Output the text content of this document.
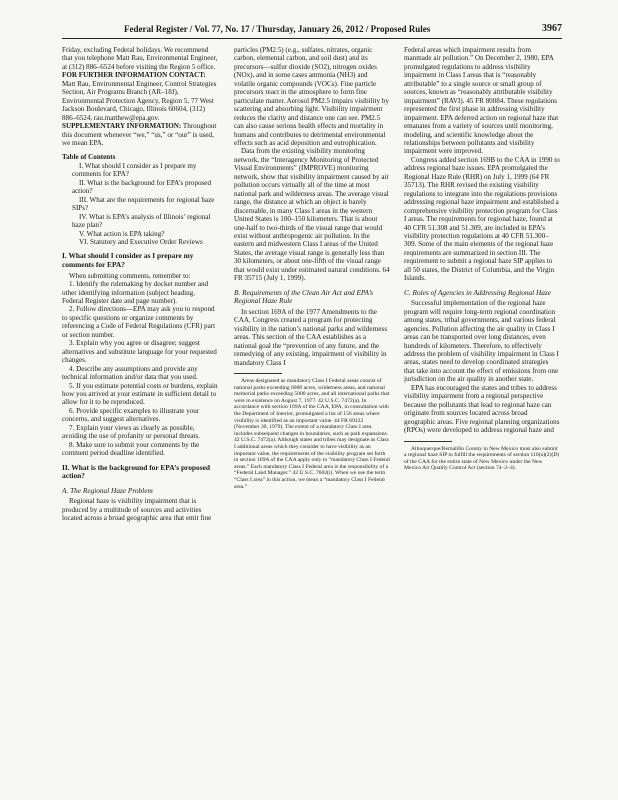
Federal Register / Vol. 77, No. 17 / Thursday, January 26, 2012 / Proposed Rules	3967

Friday, excluding Federal holidays. We recommend that you telephone Matt Rau, Environmental Engineer, at (312) 886–6524 before visiting the Region 5 office.

FOR FURTHER INFORMATION CONTACT: Matt Rau, Environmental Engineer, Control Strategies Section, Air Programs Branch (AR–18J), Environmental Protection Agency, Region 5, 77 West Jackson Boulevard, Chicago, Illinois 60604, (312) 886–6524, rau.matthew@epa.gov.

SUPPLEMENTARY INFORMATION: Throughout this document whenever “we,” “us,” or “our” is used, we mean EPA.

Table of Contents

I. What should I consider as I prepare my comments for EPA?

II. What is the background for EPA’s proposed action?

III. What are the requirements for regional haze SIPs?

IV. What is EPA’s analysis of Illinois’ regional haze plan?

V. What action is EPA taking?

VI. Statutory and Executive Order Reviews

I. What should I consider as I prepare my comments for EPA?

When submitting comments, remember to:

1. Identify the rulemaking by docket number and other identifying information (subject heading, Federal Register date and page number).

2. Follow directions—EPA may ask you to respond to specific questions or organize comments by referencing a Code of Federal Regulations (CFR) part or section number.

3. Explain why you agree or disagree; suggest alternatives and substitute language for your requested changes.

4. Describe any assumptions and provide any technical information and/or data that you used.

5. If you estimate potential costs or burdens, explain how you arrived at your estimate in sufficient detail to allow for it to be reproduced.

6. Provide specific examples to illustrate your concerns, and suggest alternatives.

7. Explain your views as clearly as possible, avoiding the use of profanity or personal threats.

8. Make sure to submit your comments by the comment period deadline identified.

II. What is the background for EPA’s proposed action?
A. The Regional Haze Problem

Regional haze is visibility impairment that is produced by a multitude of sources and activities located across a broad geographic area that emit fine

particles (PM2.5) (e.g., sulfates, nitrates, organic carbon, elemental carbon, and soil dust) and its precursors—sulfur dioxide (SO2), nitrogen oxides (NOx), and in some cases ammonia (NH3) and volatile organic compounds (VOCs). Fine particle precursors react in the atmosphere to form fine particulate matter. Aerosol PM2.5 impairs visibility by scattering and absorbing light. Visibility impairment reduces the clarity and distance one can see. PM2.5 can also cause serious health effects and mortality in humans and contributes to detrimental environmental effects such as acid deposition and eutrophication.

Data from the existing visibility monitoring network, the “Interagency Monitoring of Protected Visual Environments” (IMPROVE) monitoring network, show that visibility impairment caused by air pollution occurs virtually all of the time at most national park and wilderness areas. The average visual range, the distance at which an object is barely discernable, in many Class I areas in the western United States is 100–150 kilometers. That is about one-half to two-thirds of the visual range that would exist without anthropogenic air pollution. In the eastern and midwestern Class I areas of the United States, the average visual range is generally less than 30 kilometers, or about one-fifth of the visual range that would exist under estimated natural conditions. 64 FR 35715 (July 1, 1999).

B. Requirements of the Clean Air Act and EPA’s Regional Haze Rule

In section 169A of the 1977 Amendments to the CAA, Congress created a program for protecting visibility in the nation’s national parks and wilderness areas. This section of the CAA establishes as a national goal the “prevention of any future, and the remedying of any existing, impairment of visibility in mandatory Class I

Areas designated as mandatory Class I Federal areas consist of national parks exceeding 6000 acres, wilderness areas, and national memorial parks exceeding 5000 acres, and all international parks that were in existence on August 7, 1977. 42 U.S.C. 7472(a). In accordance with section 169A of the CAA, EPA, in consultation with the Department of Interior, promulgated a list of 156 areas where visibility is identified as an important value. 44 FR 69122 (November 30, 1979). The extent of a mandatory Class I area includes subsequent changes in boundaries, such as park expansions. 42 U.S.C. 7472(a). Although states and tribes may designate as Class I additional areas which they consider to have visibility as an important value, the requirements of the visibility program set forth in section 169A of the CAA apply only to “mandatory Class I Federal areas.” Each mandatory Class I Federal area is the responsibility of a “Federal Land Manager.” 42 U.S.C. 7602(i). When we use the term “Class I area” in this action, we mean a “mandatory Class I Federal area.”

Federal areas which impairment results from manmade air pollution.” On December 2, 1980, EPA promulgated regulations to address visibility impairment in Class I areas that is “reasonably attributable” to a single source or small group of sources, known as “reasonably attributable visibility impairment” (RAVI). 45 FR 80084. These regulations represented the first phase in addressing visibility impairment. EPA deferred action on regional haze that emanates from a variety of sources until monitoring, modeling, and scientific knowledge about the relationships between pollutants and visibility impairment were improved.

Congress added section 169B to the CAA in 1990 to address regional haze issues. EPA promulgated the Regional Haze Rule (RHR) on July 1, 1999 (64 FR 35713). The RHR revised the existing visibility regulations to integrate into the regulations provisions addressing regional haze impairment and established a comprehensive visibility protection program for Class I areas. The requirements for regional haze, found at 40 CFR 51.308 and 51.309, are included in EPA’s visibility protection regulations at 40 CFR 51.300–309. Some of the main elements of the regional haze requirements are summarized in section III. The requirement to submit a regional haze SIP applies to all 50 states, the District of Columbia, and the Virgin Islands.

C. Roles of Agencies in Addressing Regional Haze

Successful implementation of the regional haze program will require long-term regional coordination among states, tribal governments, and various federal agencies. Pollution affecting the air quality in Class I areas can be transported over long distances, even hundreds of kilometers. Therefore, to effectively address the problem of visibility impairment in Class I areas, states need to develop coordinated strategies that take into account the effect of emissions from one jurisdiction on the air quality in another state.

EPA has encouraged the states and tribes to address visibility impairment from a regional perspective because the pollutants that lead to regional haze can originate from sources located across broad geographic areas. Five regional planning organizations (RPOs) were developed to address regional haze and

Albuquerque/Bernalillo County in New Mexico must also submit a regional haze SIP to fulfill the requirements of section 110(a)(2)(D) of the CAA for the entire state of New Mexico under the New Mexico Air Quality Control Act (section 74–2–4).
